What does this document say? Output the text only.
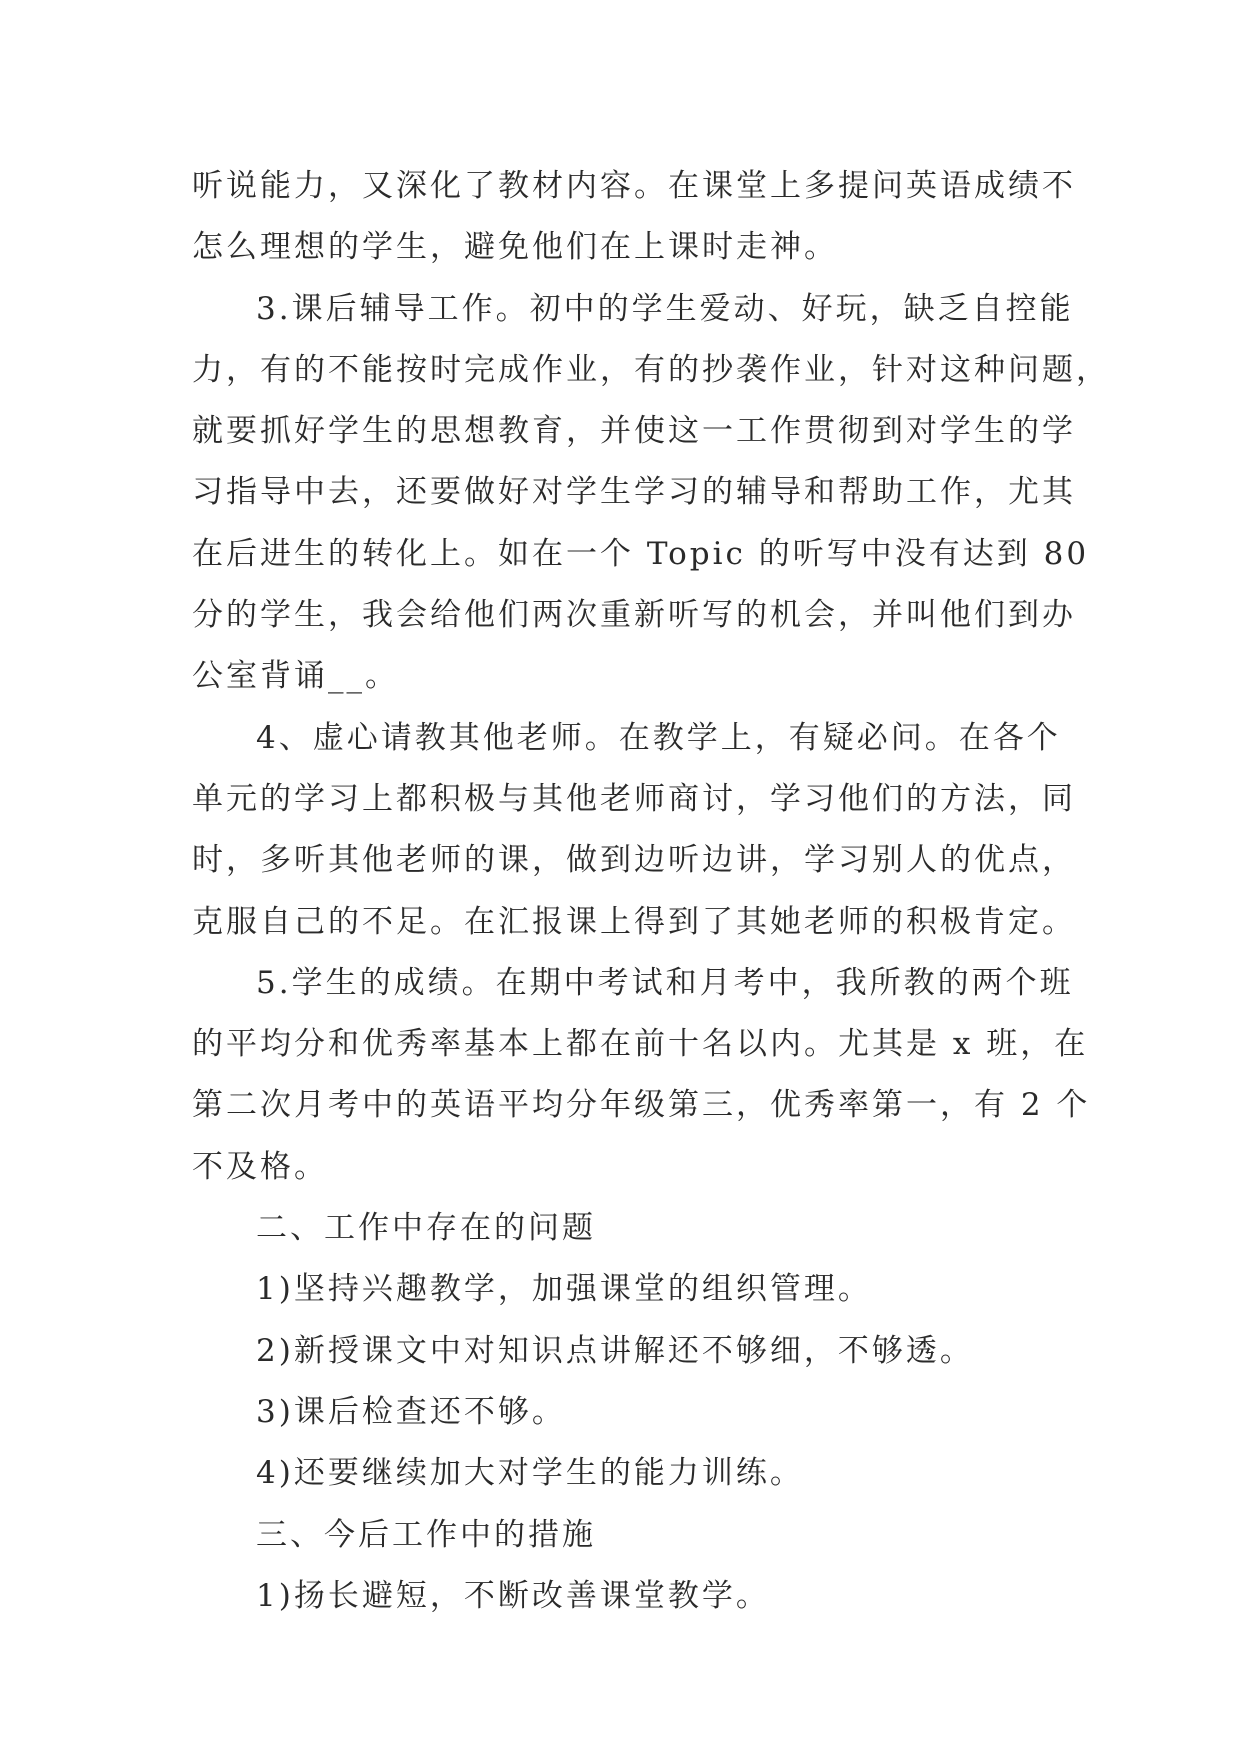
听说能力，又深化了教材内容。在课堂上多提问英语成绩不
怎么理想的学生，避免他们在上课时走神。
3.课后辅导工作。初中的学生爱动、好玩，缺乏自控能
力，有的不能按时完成作业，有的抄袭作业，针对这种问题，
就要抓好学生的思想教育，并使这一工作贯彻到对学生的学
习指导中去，还要做好对学生学习的辅导和帮助工作，尤其
在后进生的转化上。如在一个 Topic 的听写中没有达到 80
分的学生，我会给他们两次重新听写的机会，并叫他们到办
公室背诵__。
4、虚心请教其他老师。在教学上，有疑必问。在各个
单元的学习上都积极与其他老师商讨，学习他们的方法，同
时，多听其他老师的课，做到边听边讲，学习别人的优点，
克服自己的不足。在汇报课上得到了其她老师的积极肯定。
5.学生的成绩。在期中考试和月考中，我所教的两个班
的平均分和优秀率基本上都在前十名以内。尤其是 x 班，在
第二次月考中的英语平均分年级第三，优秀率第一，有 2 个
不及格。
二、工作中存在的问题
1)坚持兴趣教学，加强课堂的组织管理。
2)新授课文中对知识点讲解还不够细，不够透。
3)课后检查还不够。
4)还要继续加大对学生的能力训练。
三、今后工作中的措施
1)扬长避短，不断改善课堂教学。
